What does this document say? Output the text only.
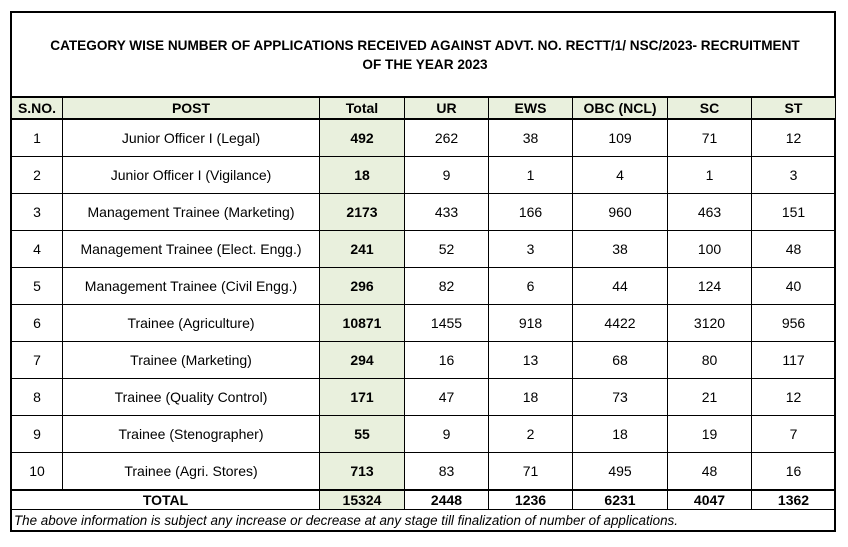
CATEGORY WISE NUMBER OF APPLICATIONS RECEIVED AGAINST ADVT. NO. RECTT/1/ NSC/2023- RECRUITMENT
OF THE YEAR 2023
S.NO.	POST	Total	UR	EWS	OBC (NCL)	SC	ST
1	Junior Officer I (Legal)	492	262	38	109	71	12
2	Junior Officer I (Vigilance)	18	9	1	4	1	3
3	Management Trainee (Marketing)	2173	433	166	960	463	151
4	Management Trainee (Elect. Engg.)	241	52	3	38	100	48
5	Management Trainee (Civil Engg.)	296	82	6	44	124	40
6	Trainee (Agriculture)	10871	1455	918	4422	3120	956
7	Trainee (Marketing)	294	16	13	68	80	117
8	Trainee (Quality Control)	171	47	18	73	21	12
9	Trainee (Stenographer)	55	9	2	18	19	7
10	Trainee (Agri. Stores)	713	83	71	495	48	16
TOTAL		15324	2448	1236	6231	4047	1362
The above information is subject any increase or decrease at any stage till finalization of number of applications.
